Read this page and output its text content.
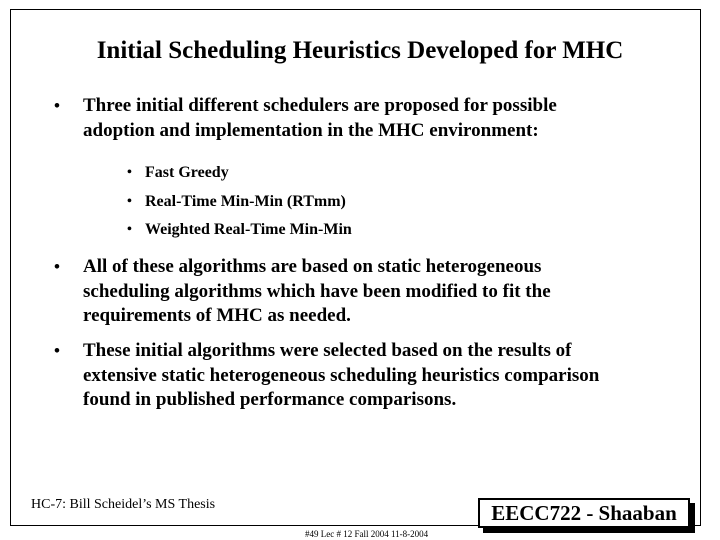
Initial Scheduling Heuristics Developed for MHC
• Three initial different schedulers are proposed for possible
adoption and implementation in the MHC environment:
• Fast Greedy
• Real-Time Min-Min (RTmm)
• Weighted Real-Time Min-Min
• All of these algorithms are based on static heterogeneous
scheduling algorithms which have been modified to fit the
requirements of MHC as needed.
• These initial algorithms were selected based on the results of
extensive static heterogeneous scheduling heuristics comparison
found in published performance comparisons.
HC-7: Bill Scheidel’s MS Thesis	EECC722 - Shaaban
#49 Lec # 12 Fall 2004 11-8-2004
